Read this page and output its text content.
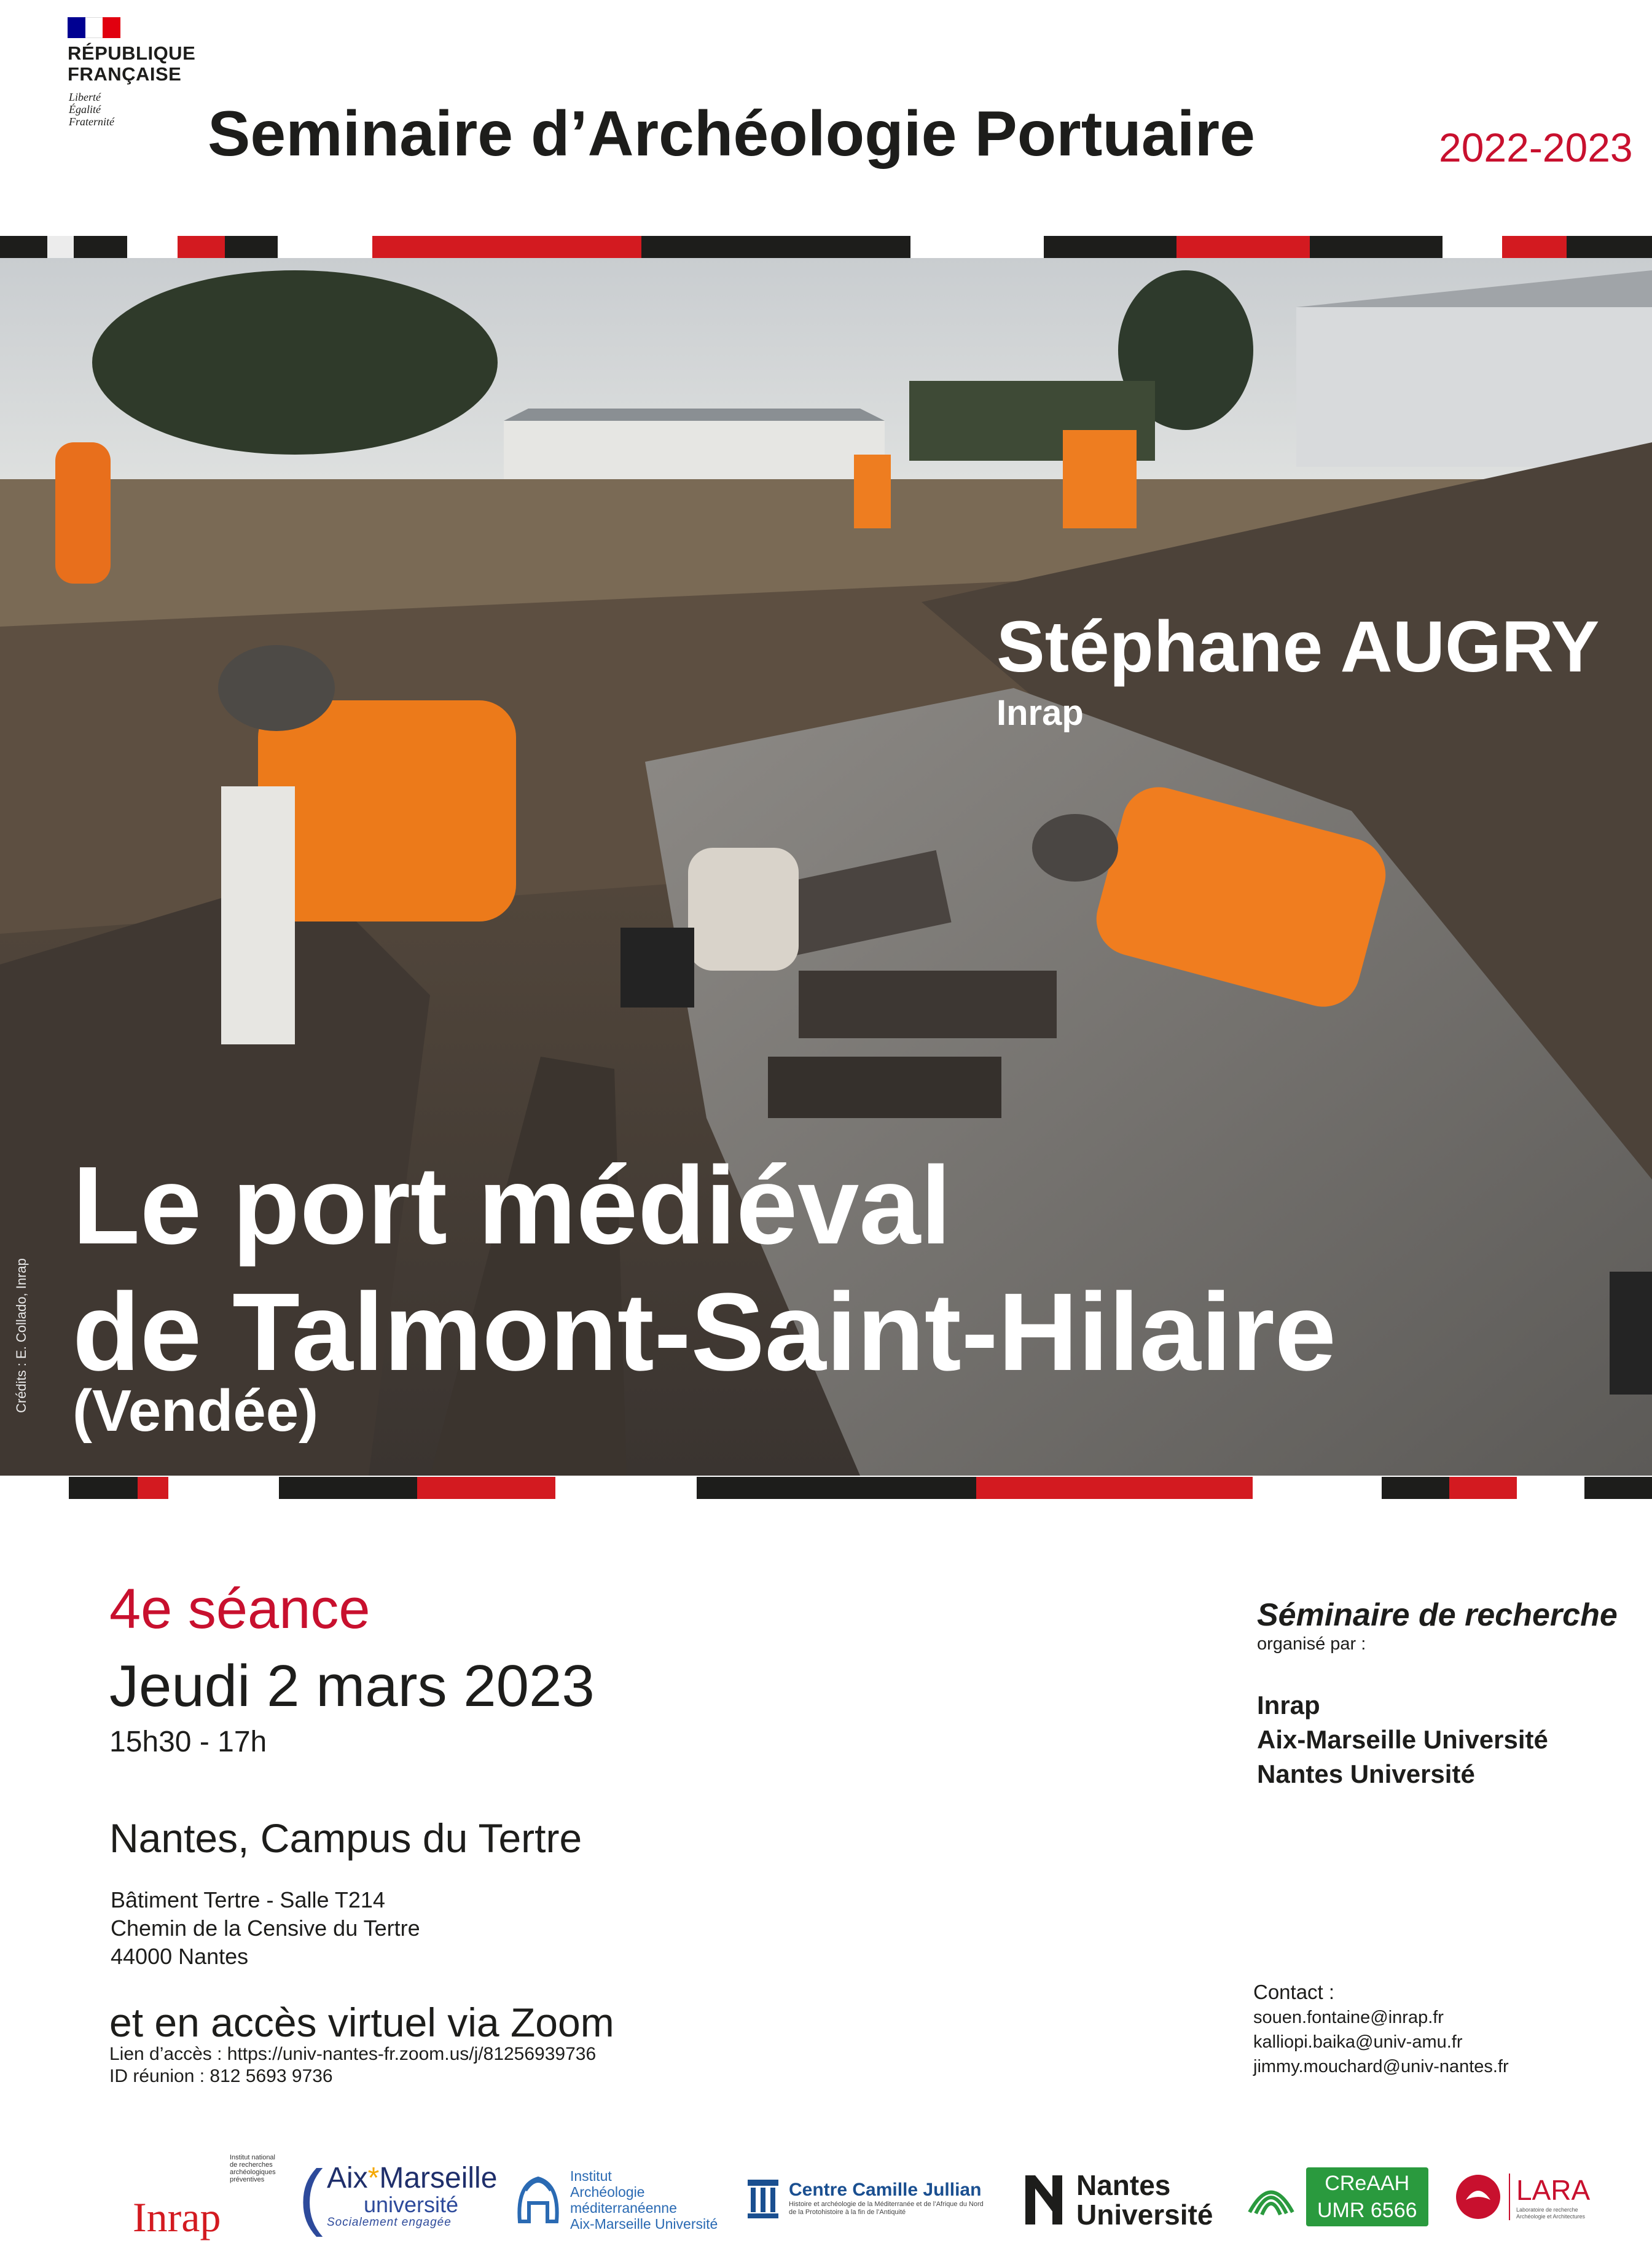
RÉPUBLIQUE
FRANÇAISE
Liberté
Égalité
Fraternité Seminaire d’Archéologie Portuaire	2022-2023
Stéphane AUGRY
Inrap
Le port médiéval
de Talmont-Saint-Hilaire
(Vendée)
Crédits : E. Collado, Inrap
4e séance
Jeudi 2 mars 2023
15h30 - 17h
Nantes, Campus du Tertre
Bâtiment Tertre - Salle T214
Chemin de la Censive du Tertre
44000 Nantes
et en accès virtuel via Zoom
Lien d’accès : https://univ-nantes-fr.zoom.us/j/81256939736
ID réunion : 812 5693 9736
Séminaire de recherche
organisé par :
Inrap
Aix-Marseille Université
Nantes Université
Contact :
souen.fontaine@inrap.fr
kalliopi.baika@univ-amu.fr
jimmy.mouchard@univ-nantes.fr
Inrap
Institut national
de recherches
archéologiques
préventives ( Aix*Marseille
université
Socialement engagée
Institut
Archéologie
méditerranéenne
Aix-Marseille Université
Centre Camille Jullian
Histoire et archéologie de la Méditerranée et de l’Afrique du Nord
de la Protohistoire à la fin de l’Antiquité
Nantes
Université
CReAAH
UMR 6566
LARA
Laboratoire de recherche
Archéologie et Architectures
